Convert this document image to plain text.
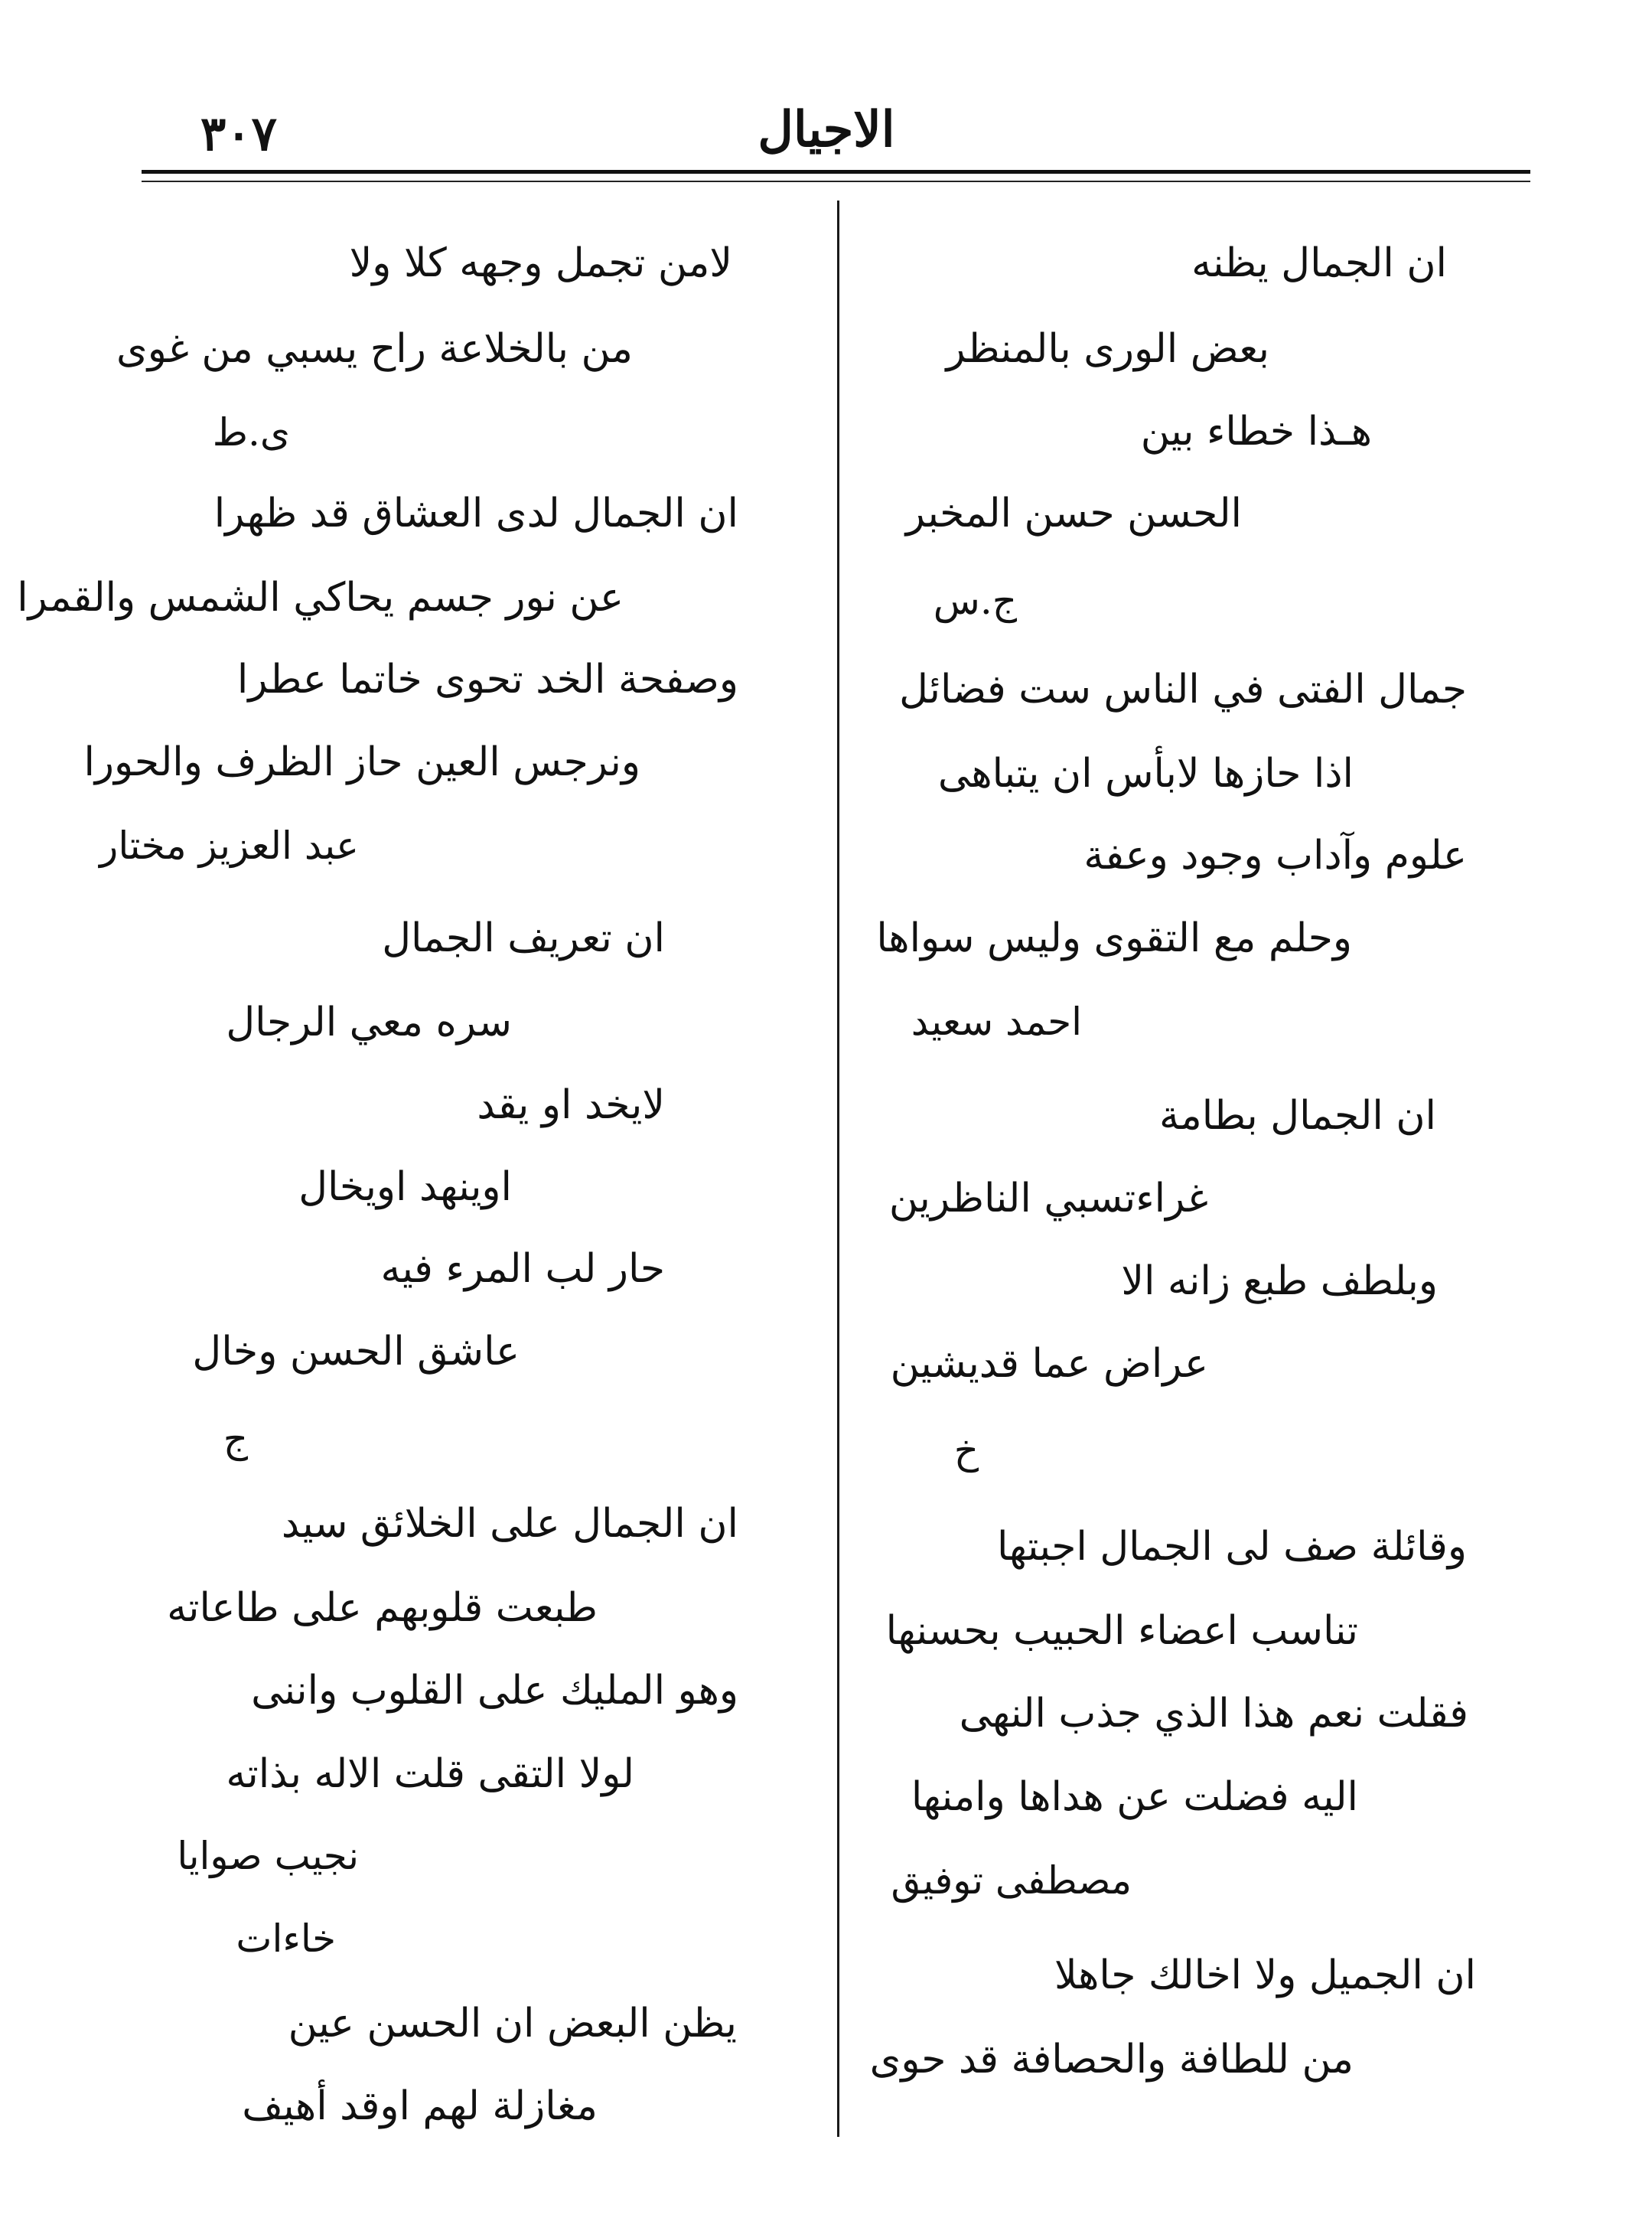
٣٠٧	الاجيال
ان الجمال يظنه
بعض الورى بالمنظر
هـذا خطاء بين
الحسن حسن المخبر
ج.س
جمال الفتى في الناس ست فضائل
اذا حازها لابأس ان يتباهى
علوم وآداب وجود وعفة
وحلم مع التقوى وليس سواها
احمد سعيد
ان الجمال بطامة
غراءتسبي الناظرين
وبلطف طبع زانه الا
عراض عما قديشين
خ
وقائلة صف لى الجمال اجبتها
تناسب اعضاء الحبيب بحسنها
فقلت نعم هذا الذي جذب النهى
اليه فضلت عن هداها وامنها
مصطفى توفيق
ان الجميل ولا اخالك جاهلا
من للطافة والحصافة قد حوى
لامن تجمل وجهه كلا ولا
من بالخلاعة راح يسبي من غوى
ى.ط
ان الجمال لدى العشاق قد ظهرا
عن نور جسم يحاكي الشمس والقمرا
وصفحة الخد تحوى خاتما عطرا
ونرجس العين حاز الظرف والحورا
عبد العزيز مختار
ان تعريف الجمال
سره معي الرجال
لايخد او يقد
اوينهد اويخال
حار لب المرء فيه
عاشق الحسن وخال
ج
ان الجمال على الخلائق سيد
طبعت قلوبهم على طاعاته
وهو المليك على القلوب واننى
لولا التقى قلت الاله بذاته
نجيب صوايا
خاءات
يظن البعض ان الحسن عين
مغازلة لهم اوقد أهيف
